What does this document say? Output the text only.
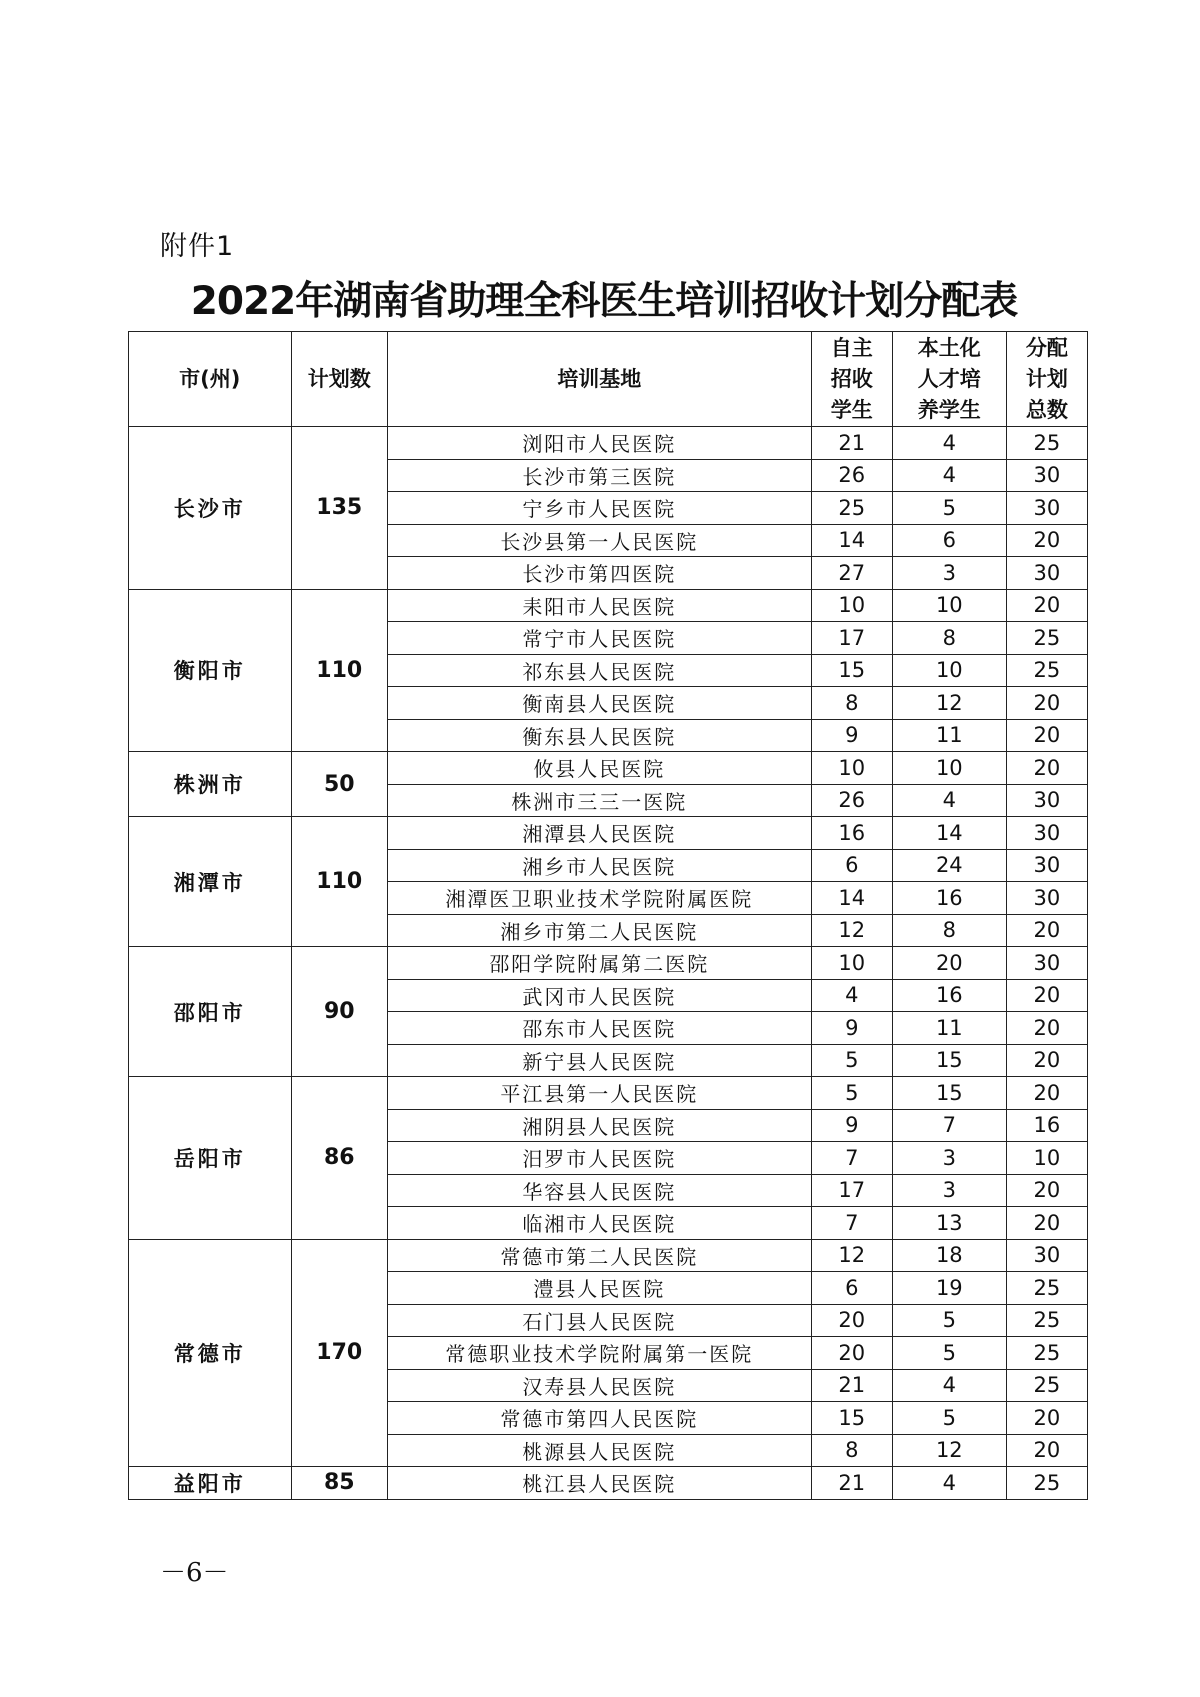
附件1
2022年湖南省助理全科医生培训招收计划分配表
市(州)	计划数	培训基地	自主
招收
学生	本土化
人才培
养学生	分配
计划
总数

长沙市	135	浏阳市人民医院	21	4	25
		长沙市第三医院	26	4	30
		宁乡市人民医院	25	5	30
		长沙县第一人民医院	14	6	20
		长沙市第四医院	27	3	30
衡阳市	110	耒阳市人民医院	10	10	20
		常宁市人民医院	17	8	25
		祁东县人民医院	15	10	25
		衡南县人民医院	8	12	20
		衡东县人民医院	9	11	20
株洲市	50	攸县人民医院	10	10	20
		株洲市三三一医院	26	4	30
湘潭市	110	湘潭县人民医院	16	14	30
		湘乡市人民医院	6	24	30
		湘潭医卫职业技术学院附属医院	14	16	30
		湘乡市第二人民医院	12	8	20
邵阳市	90	邵阳学院附属第二医院	10	20	30
		武冈市人民医院	4	16	20
		邵东市人民医院	9	11	20
		新宁县人民医院	5	15	20
岳阳市	86	平江县第一人民医院	5	15	20
		湘阴县人民医院	9	7	16
		汨罗市人民医院	7	3	10
		华容县人民医院	17	3	20
		临湘市人民医院	7	13	20
常德市	170	常德市第二人民医院	12	18	30
		澧县人民医院	6	19	25
		石门县人民医院	20	5	25
		常德职业技术学院附属第一医院	20	5	25
		汉寿县人民医院	21	4	25
		常德市第四人民医院	15	5	20
		桃源县人民医院	8	12	20
益阳市	85	桃江县人民医院	21	4	25
－6－
